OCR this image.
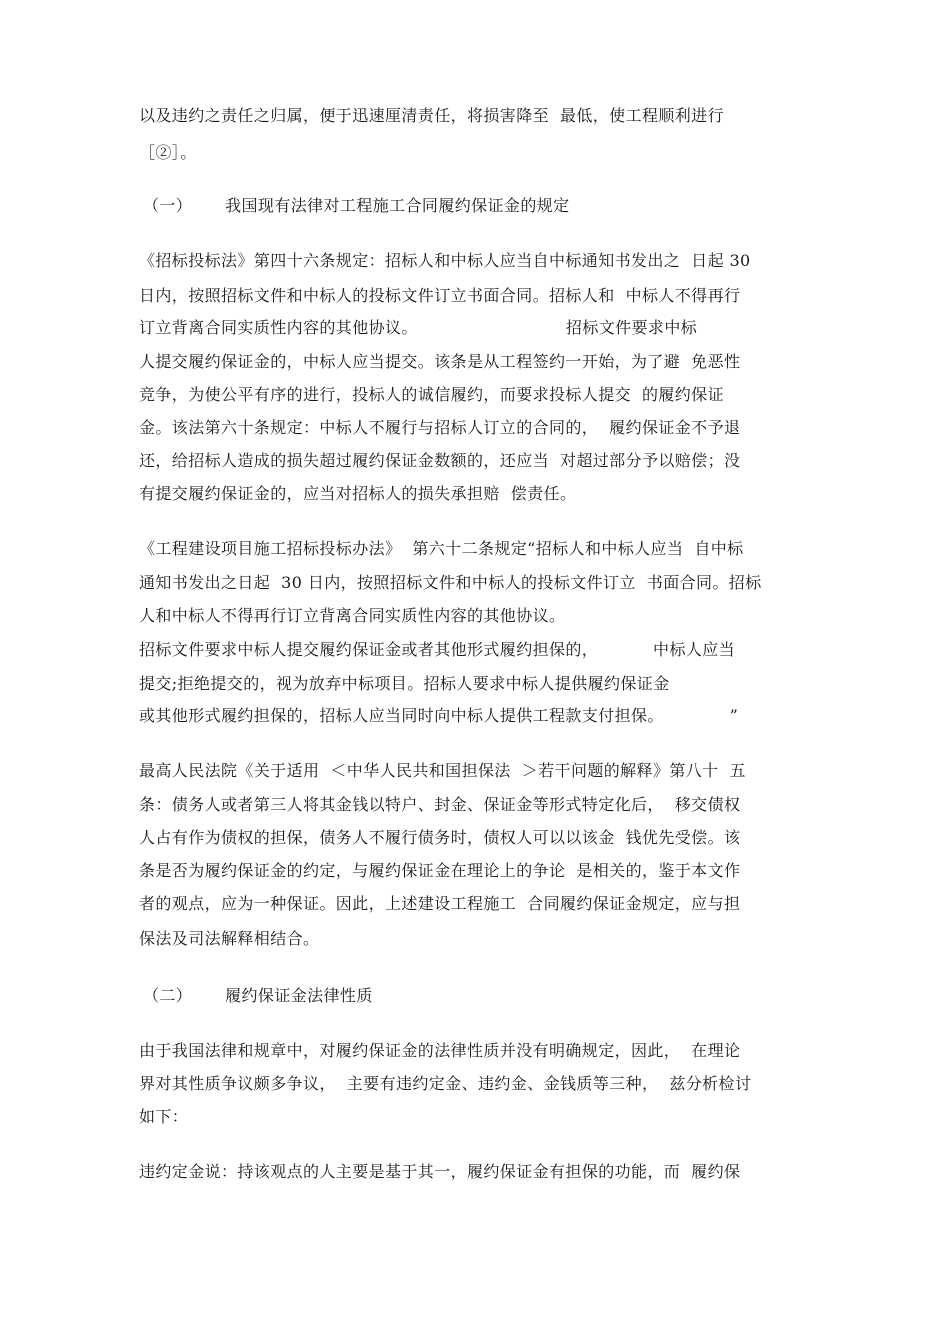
以及违约之责任之归属，便于迅速厘清责任，将损害降至  最低，使工程顺利进行
［②］。
（一）      我国现有法律对工程施工合同履约保证金的规定
《招标投标法》第四十六条规定：招标人和中标人应当自中标通知书发出之  日起 30
日内，按照招标文件和中标人的投标文件订立书面合同。招标人和  中标人不得再行
订立背离合同实质性内容的其他协议。                           招标文件要求中标
人提交履约保证金的，中标人应当提交。该条是从工程签约一开始，为了避  免恶性
竞争，为使公平有序的进行，投标人的诚信履约，而要求投标人提交  的履约保证
金。该法第六十条规定：中标人不履行与招标人订立的合同的，  履约保证金不予退
还，给招标人造成的损失超过履约保证金数额的，还应当  对超过部分予以赔偿；没
有提交履约保证金的，应当对招标人的损失承担赔  偿责任。
《工程建设项目施工招标投标办法》  第六十二条规定“招标人和中标人应当  自中标
通知书发出之日起  30 日内，按照招标文件和中标人的投标文件订立  书面合同。招标
人和中标人不得再行订立背离合同实质性内容的其他协议。
招标文件要求中标人提交履约保证金或者其他形式履约担保的，          中标人应当
提交;拒绝提交的，视为放弃中标项目。招标人要求中标人提供履约保证金
或其他形式履约担保的，招标人应当同时向中标人提供工程款支付担保。            ”
最高人民法院《关于适用  ＜中华人民共和国担保法  ＞若干问题的解释》第八十  五
条：债务人或者第三人将其金钱以特户、封金、保证金等形式特定化后，  移交债权
人占有作为债权的担保，债务人不履行债务时，债权人可以以该金  钱优先受偿。该
条是否为履约保证金的约定，与履约保证金在理论上的争论  是相关的，鉴于本文作
者的观点，应为一种保证。因此，上述建设工程施工  合同履约保证金规定，应与担
保法及司法解释相结合。
（二）      履约保证金法律性质
由于我国法律和规章中，对履约保证金的法律性质并没有明确规定，因此，  在理论
界对其性质争议颇多争议，  主要有违约定金、违约金、金钱质等三种，  兹分析检讨
如下：
违约定金说：持该观点的人主要是基于其一，履约保证金有担保的功能，而  履约保
